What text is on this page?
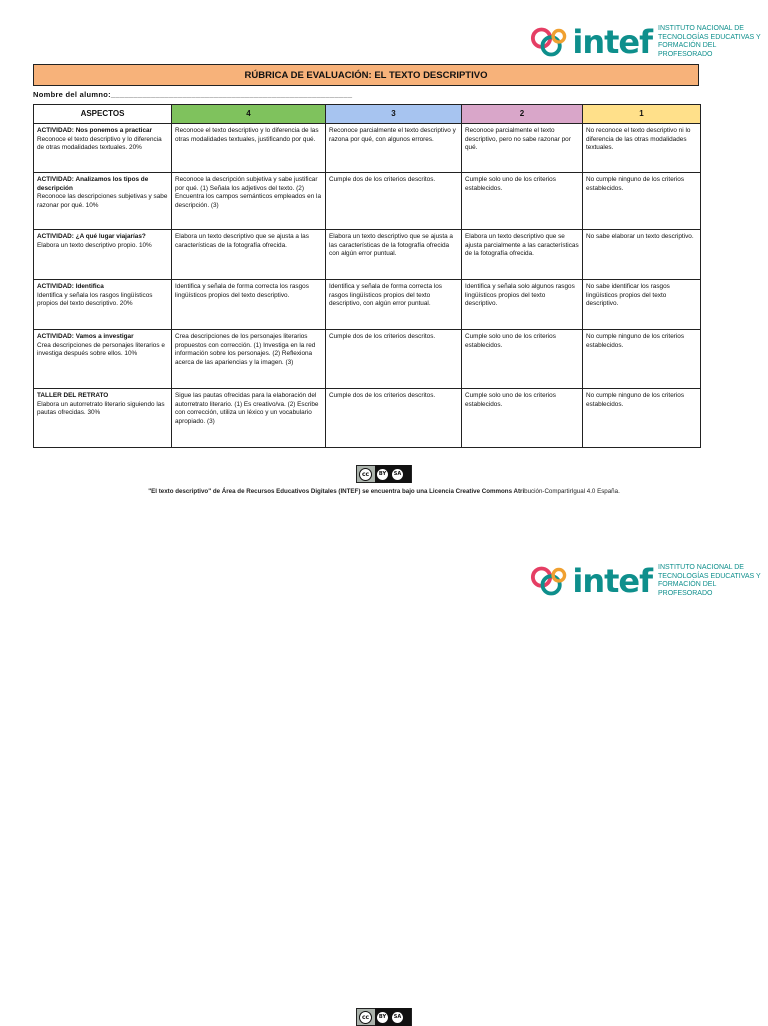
intef INSTITUTO NACIONAL DE
TECNOLOGÍAS EDUCATIVAS Y
FORMACIÓN DEL PROFESORADO
RÚBRICA DE EVALUACIÓN: EL TEXTO DESCRIPTIVO
Nombre del alumno:______________________________________________________
ASPECTOS	4	3	2	1

ACTIVIDAD: Nos ponemos a practicar
Reconoce el texto descriptivo y lo diferencia de otras modalidades textuales. 20%	Reconoce el texto descriptivo y lo diferencia de las otras modalidades textuales, justificando por qué.	Reconoce parcialmente el texto descriptivo y razona por qué, con algunos errores.	Reconoce parcialmente el texto descriptivo, pero no sabe razonar por qué.	No reconoce el texto descriptivo ni lo diferencia de las otras modalidades textuales.

ACTIVIDAD: Analizamos los tipos de descripción
Reconoce las descripciones subjetivas y sabe razonar por qué. 10%	Reconoce la descripción subjetiva y sabe justificar por qué. (1) Señala los adjetivos del texto. (2) Encuentra los campos semánticos empleados en la descripción. (3)	Cumple dos de los criterios descritos.	Cumple solo uno de los criterios establecidos.	No cumple ninguno de los criterios establecidos.

ACTIVIDAD: ¿A qué lugar viajarías?
Elabora un texto descriptivo propio. 10%	Elabora un texto descriptivo que se ajusta a las características de la fotografía ofrecida.	Elabora un texto descriptivo que se ajusta a las características de la fotografía ofrecida con algún error puntual.	Elabora un texto descriptivo que se ajusta parcialmente a las características de la fotografía ofrecida.	No sabe elaborar un texto descriptivo.

ACTIVIDAD: Identifica
Identifica y señala los rasgos lingüísticos propios del texto descriptivo. 20%	Identifica y señala de forma correcta los rasgos lingüísticos propios del texto descriptivo.	Identifica y señala de forma correcta los rasgos lingüísticos propios del texto descriptivo, con algún error puntual.	Identifica y señala solo algunos rasgos lingüísticos propios del texto descriptivo.	No sabe identificar los rasgos lingüísticos propios del texto descriptivo.

ACTIVIDAD: Vamos a investigar
Crea descripciones de personajes literarios e investiga después sobre ellos. 10%	Crea descripciones de los personajes literarios propuestos con corrección. (1) Investiga en la red información sobre los personajes. (2) Reflexiona acerca de las apariencias y la imagen. (3)	Cumple dos de los criterios descritos.	Cumple solo uno de los criterios establecidos.	No cumple ninguno de los criterios establecidos.

TALLER DEL RETRATO
Elabora un autorretrato literario siguiendo las pautas ofrecidas. 30%	Sigue las pautas ofrecidas para la elaboración del autorretrato literario. (1) Es creativo/va. (2) Escribe con corrección, utiliza un léxico y un vocabulario apropiado. (3)	Cumple dos de los criterios descritos.	Cumple solo uno de los criterios establecidos.	No cumple ninguno de los criterios establecidos.
cc	BY	SA
"El texto descriptivo" de Área de Recursos Educativos Digitales (INTEF) se encuentra bajo una Licencia Creative Commons Atribución-CompartirIgual 4.0 España.
intef INSTITUTO NACIONAL DE
TECNOLOGÍAS EDUCATIVAS Y
FORMACIÓN DEL PROFESORADO
cc	BY	SA
